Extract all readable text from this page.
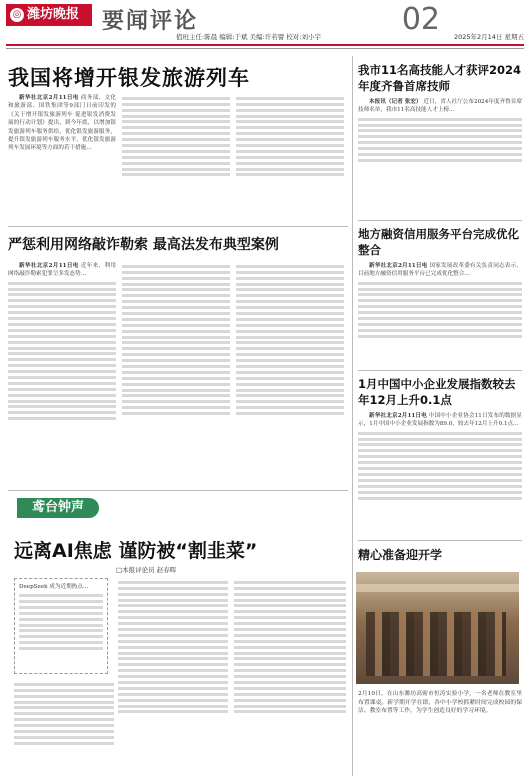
◎ 潍坊晚报	要闻评论	02
值班主任:陈晨 编辑:于斌 美编:许若譬 校对:刘小宇	2025年2月14日 星期五
我国将增开银发旅游列车
新华社北京2月11日电 商务部、文化和旅游部、国铁集团等9部门日前印发的《关于增开银发旅游列车 促进银发消费发展的行动计划》提出，到今年底，以增加银发旅游列车服务供给，优化银发旅游服务，提升银发旅游列车服务水平，优化银发旅游列车发展环境等方面的若干措施...
严惩利用网络敲诈勒索 最高法发布典型案例
新华社北京2月11日电 近年来，利用网络敲诈勒索犯罪呈多发态势...
鸢台钟声
远离AI焦虑 谨防被“割韭菜”
□本报评论员 赵春晖
DeepSeek 成为近期热点...
我市11名高技能人才获评2024年度齐鲁首席技师
本报讯（记者 张宏） 近日，省人社厅公布2024年度齐鲁首席技师名单，我市11名高技能人才上榜...
地方融资信用服务平台完成优化整合
新华社北京2月11日电 国家发展改革委有关负责同志表示，目前地方融资信用服务平台已完成优化整合...
1月中国中小企业发展指数较去年12月上升0.1点
新华社北京2月11日电 中国中小企业协会11日发布的数据显示，1月中国中小企业发展指数为89.0，较去年12月上升0.1点...
精心准备迎开学
2月10日，在山东潍坊高密市恒涛实验小学，一名老师在教室里布置课桌。新学期开学在即，各中小学校抓紧时间完成校园的保洁、教室布置等工作，为学生创造良好的学习环境。
